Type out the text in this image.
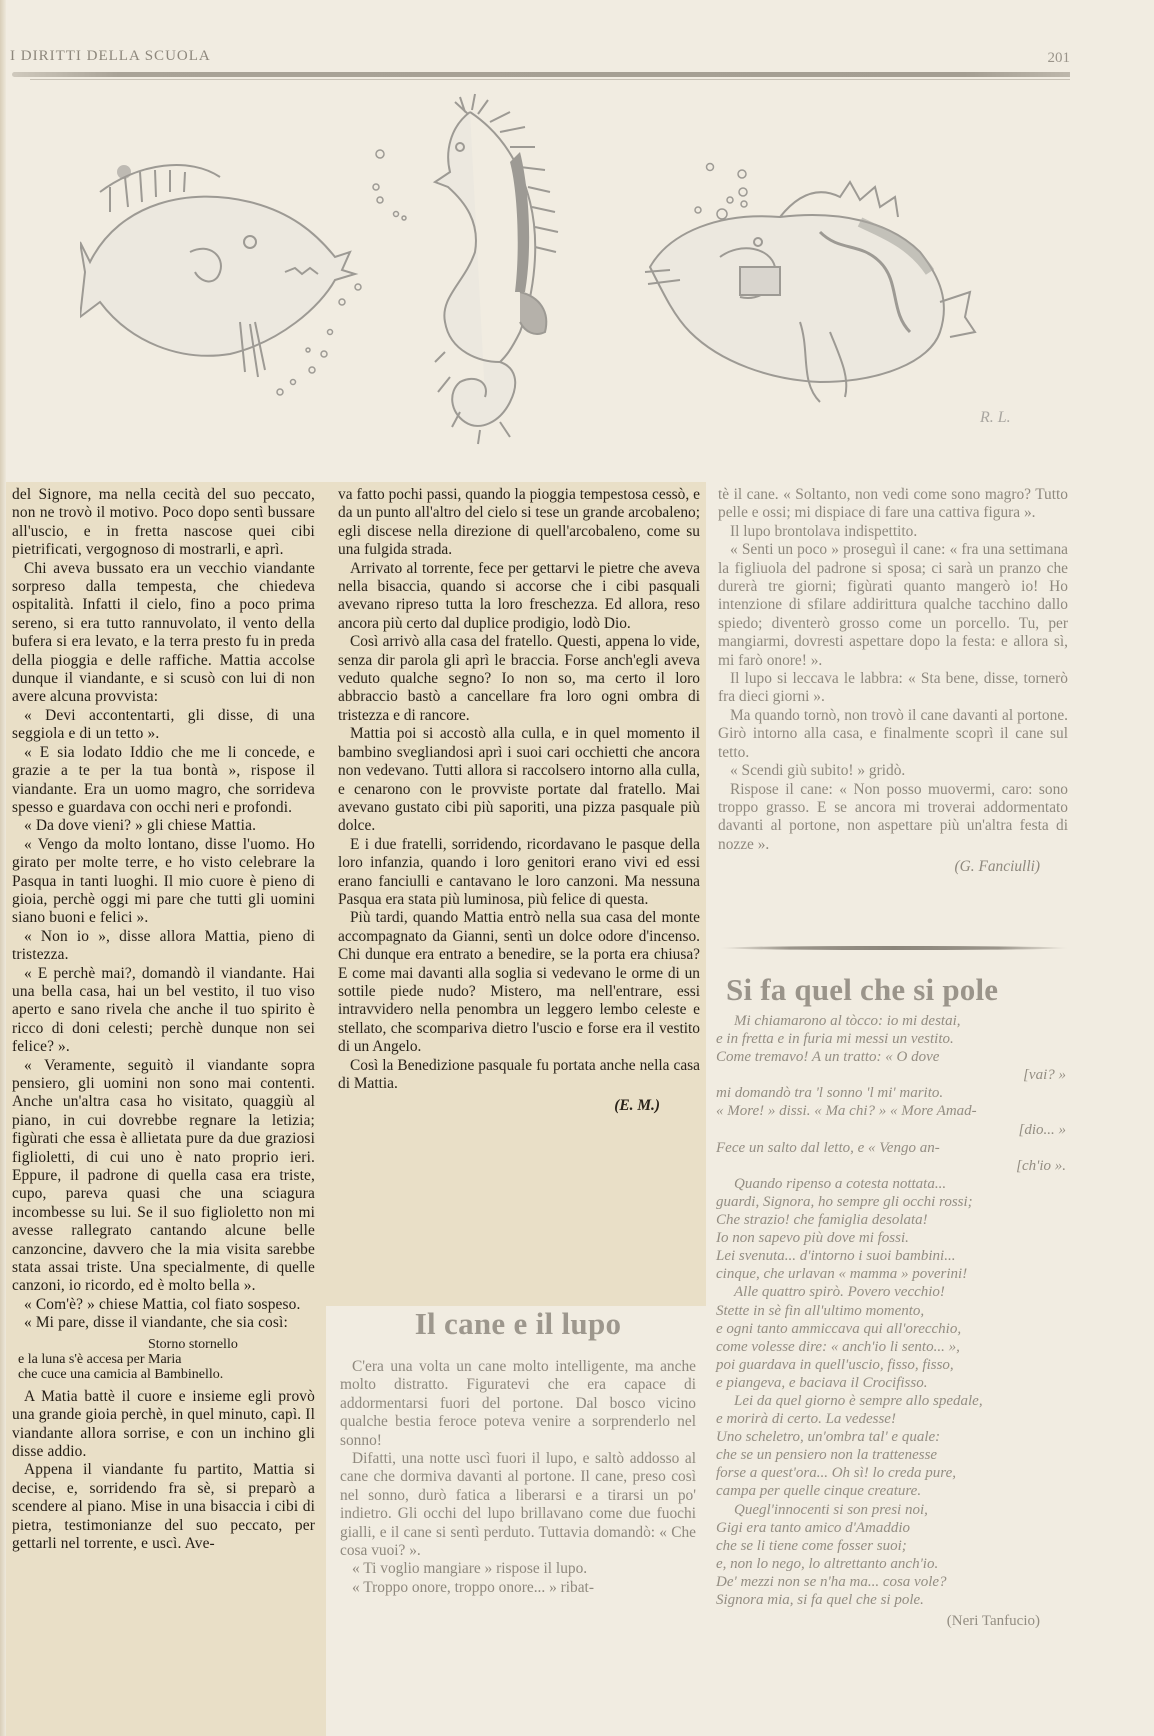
I DIRITTI DELLA SCUOLA	201
R. L.

del Signore, ma nella cecità del suo peccato, non ne trovò il motivo. Poco dopo sentì bussare all'uscio, e in fretta nascose quei cibi pietrificati, vergognoso di mostrarli, e aprì.

Chi aveva bussato era un vecchio viandante sorpreso dalla tempesta, che chiedeva ospitalità. Infatti il cielo, fino a poco prima sereno, si era tutto rannuvolato, il vento della bufera si era levato, e la terra presto fu in preda della pioggia e delle raffiche. Mattia accolse dunque il viandante, e si scusò con lui di non avere alcuna provvista:

« Devi accontentarti, gli disse, di una seggiola e di un tetto ».

« E sia lodato Iddio che me li concede, e grazie a te per la tua bontà », rispose il viandante. Era un uomo magro, che sorrideva spesso e guardava con occhi neri e profondi.

« Da dove vieni? » gli chiese Mattia.

« Vengo da molto lontano, disse l'uomo. Ho girato per molte terre, e ho visto celebrare la Pasqua in tanti luoghi. Il mio cuore è pieno di gioia, perchè oggi mi pare che tutti gli uomini siano buoni e felici ».

« Non io », disse allora Mattia, pieno di tristezza.

« E perchè mai?, domandò il viandante. Hai una bella casa, hai un bel vestito, il tuo viso aperto e sano rivela che anche il tuo spirito è ricco di doni celesti; perchè dunque non sei felice? ».

« Veramente, seguitò il viandante sopra pensiero, gli uomini non sono mai contenti. Anche un'altra casa ho visitato, quaggiù al piano, in cui dovrebbe regnare la letizia; figùrati che essa è allietata pure da due graziosi figlioletti, di cui uno è nato proprio ieri. Eppure, il padrone di quella casa era triste, cupo, pareva quasi che una sciagura incombesse su lui. Se il suo figlioletto non mi avesse rallegrato cantando alcune belle canzoncine, davvero che la mia visita sarebbe stata assai triste. Una specialmente, di quelle canzoni, io ricordo, ed è molto bella ».

« Com'è? » chiese Mattia, col fiato sospeso.

« Mi pare, disse il viandante, che sia così:

Storno stornello
e la luna s'è accesa per Maria
che cuce una camicia al Bambinello.

A Matia battè il cuore e insieme egli provò una grande gioia perchè, in quel minuto, capì. Il viandante allora sorrise, e con un inchino gli disse addio.

Appena il viandante fu partito, Mattia si decise, e, sorridendo fra sè, si preparò a scendere al piano. Mise in una bisaccia i cibi di pietra, testimonianze del suo peccato, per gettarli nel torrente, e uscì. Ave-

va fatto pochi passi, quando la pioggia tempestosa cessò, e da un punto all'altro del cielo si tese un grande arcobaleno; egli discese nella direzione di quell'arcobaleno, come su una fulgida strada.

Arrivato al torrente, fece per gettarvi le pietre che aveva nella bisaccia, quando si accorse che i cibi pasquali avevano ripreso tutta la loro freschezza. Ed allora, reso ancora più certo dal duplice prodigio, lodò Dio.

Così arrivò alla casa del fratello. Questi, appena lo vide, senza dir parola gli aprì le braccia. Forse anch'egli aveva veduto qualche segno? Io non so, ma certo il loro abbraccio bastò a cancellare fra loro ogni ombra di tristezza e di rancore.

Mattia poi si accostò alla culla, e in quel momento il bambino svegliandosi aprì i suoi cari occhietti che ancora non vedevano. Tutti allora si raccolsero intorno alla culla, e cenarono con le provviste portate dal fratello. Mai avevano gustato cibi più saporiti, una pizza pasquale più dolce.

E i due fratelli, sorridendo, ricordavano le pasque della loro infanzia, quando i loro genitori erano vivi ed essi erano fanciulli e cantavano le loro canzoni. Ma nessuna Pasqua era stata più luminosa, più felice di questa.

Più tardi, quando Mattia entrò nella sua casa del monte accompagnato da Gianni, sentì un dolce odore d'incenso. Chi dunque era entrato a benedire, se la porta era chiusa? E come mai davanti alla soglia si vedevano le orme di un sottile piede nudo? Mistero, ma nell'entrare, essi intravvidero nella penombra un leggero lembo celeste e stellato, che scompariva dietro l'uscio e forse era il vestito di un Angelo.

Così la Benedizione pasquale fu portata anche nella casa di Mattia.

(E. M.)

Il cane e il lupo

C'era una volta un cane molto intelligente, ma anche molto distratto. Figuratevi che era capace di addormentarsi fuori del portone. Dal bosco vicino qualche bestia feroce poteva venire a sorprenderlo nel sonno!

Difatti, una notte uscì fuori il lupo, e saltò addosso al cane che dormiva davanti al portone. Il cane, preso così nel sonno, durò fatica a liberarsi e a tirarsi un po' indietro. Gli occhi del lupo brillavano come due fuochi gialli, e il cane si sentì perduto. Tuttavia domandò: « Che cosa vuoi? ».

« Ti voglio mangiare » rispose il lupo.

« Troppo onore, troppo onore... » ribat-

tè il cane. « Soltanto, non vedi come sono magro? Tutto pelle e ossi; mi dispiace di fare una cattiva figura ».

Il lupo brontolava indispettito.

« Senti un poco » proseguì il cane: « fra una settimana la figliuola del padrone si sposa; ci sarà un pranzo che durerà tre giorni; figùrati quanto mangerò io! Ho intenzione di sfilare addirittura qualche tacchino dallo spiedo; diventerò grosso come un porcello. Tu, per mangiarmi, dovresti aspettare dopo la festa: e allora sì, mi farò onore! ».

Il lupo si leccava le labbra: « Sta bene, disse, tornerò fra dieci giorni ».

Ma quando tornò, non trovò il cane davanti al portone. Girò intorno alla casa, e finalmente scoprì il cane sul tetto.

« Scendi giù subito! » gridò.

Rispose il cane: « Non posso muovermi, caro: sono troppo grasso. E se ancora mi troverai addormentato davanti al portone, non aspettare più un'altra festa di nozze ».

(G. Fanciulli)

Si fa quel che si pole
Mi chiamarono al tòcco: io mi destai,
e in fretta e in furia mi messi un vestito.
Come tremavo! A un tratto: « O dove
[vai? »
mi domandò tra 'l sonno 'l mi' marito.
« More! » dissi. « Ma chi? » « More Amad-
[dio... »
Fece un salto dal letto, e « Vengo an-
[ch'io ».
Quando ripenso a cotesta nottata...
guardi, Signora, ho sempre gli occhi rossi;
Che strazio! che famiglia desolata!
Io non sapevo più dove mi fossi.
Lei svenuta... d'intorno i suoi bambini...
cinque, che urlavan « mamma » poverini!
Alle quattro spirò. Povero vecchio!
Stette in sè fin all'ultimo momento,
e ogni tanto ammiccava qui all'orecchio,
come volesse dire: « anch'io li sento... »,
poi guardava in quell'uscio, fisso, fisso,
e piangeva, e baciava il Crocifisso.
Lei da quel giorno è sempre allo spedale,
e morirà di certo. La vedesse!
Uno scheletro, un'ombra tal' e quale:
che se un pensiero non la trattenesse
forse a quest'ora... Oh sì! lo creda pure,
campa per quelle cinque creature.
Quegl'innocenti si son presi noi,
Gigi era tanto amico d'Amaddio
che se li tiene come fosser suoi;
e, non lo nego, lo altrettanto anch'io.
De' mezzi non se n'ha ma... cosa vole?
Signora mia, si fa quel che si pole.
(Neri Tanfucio)
